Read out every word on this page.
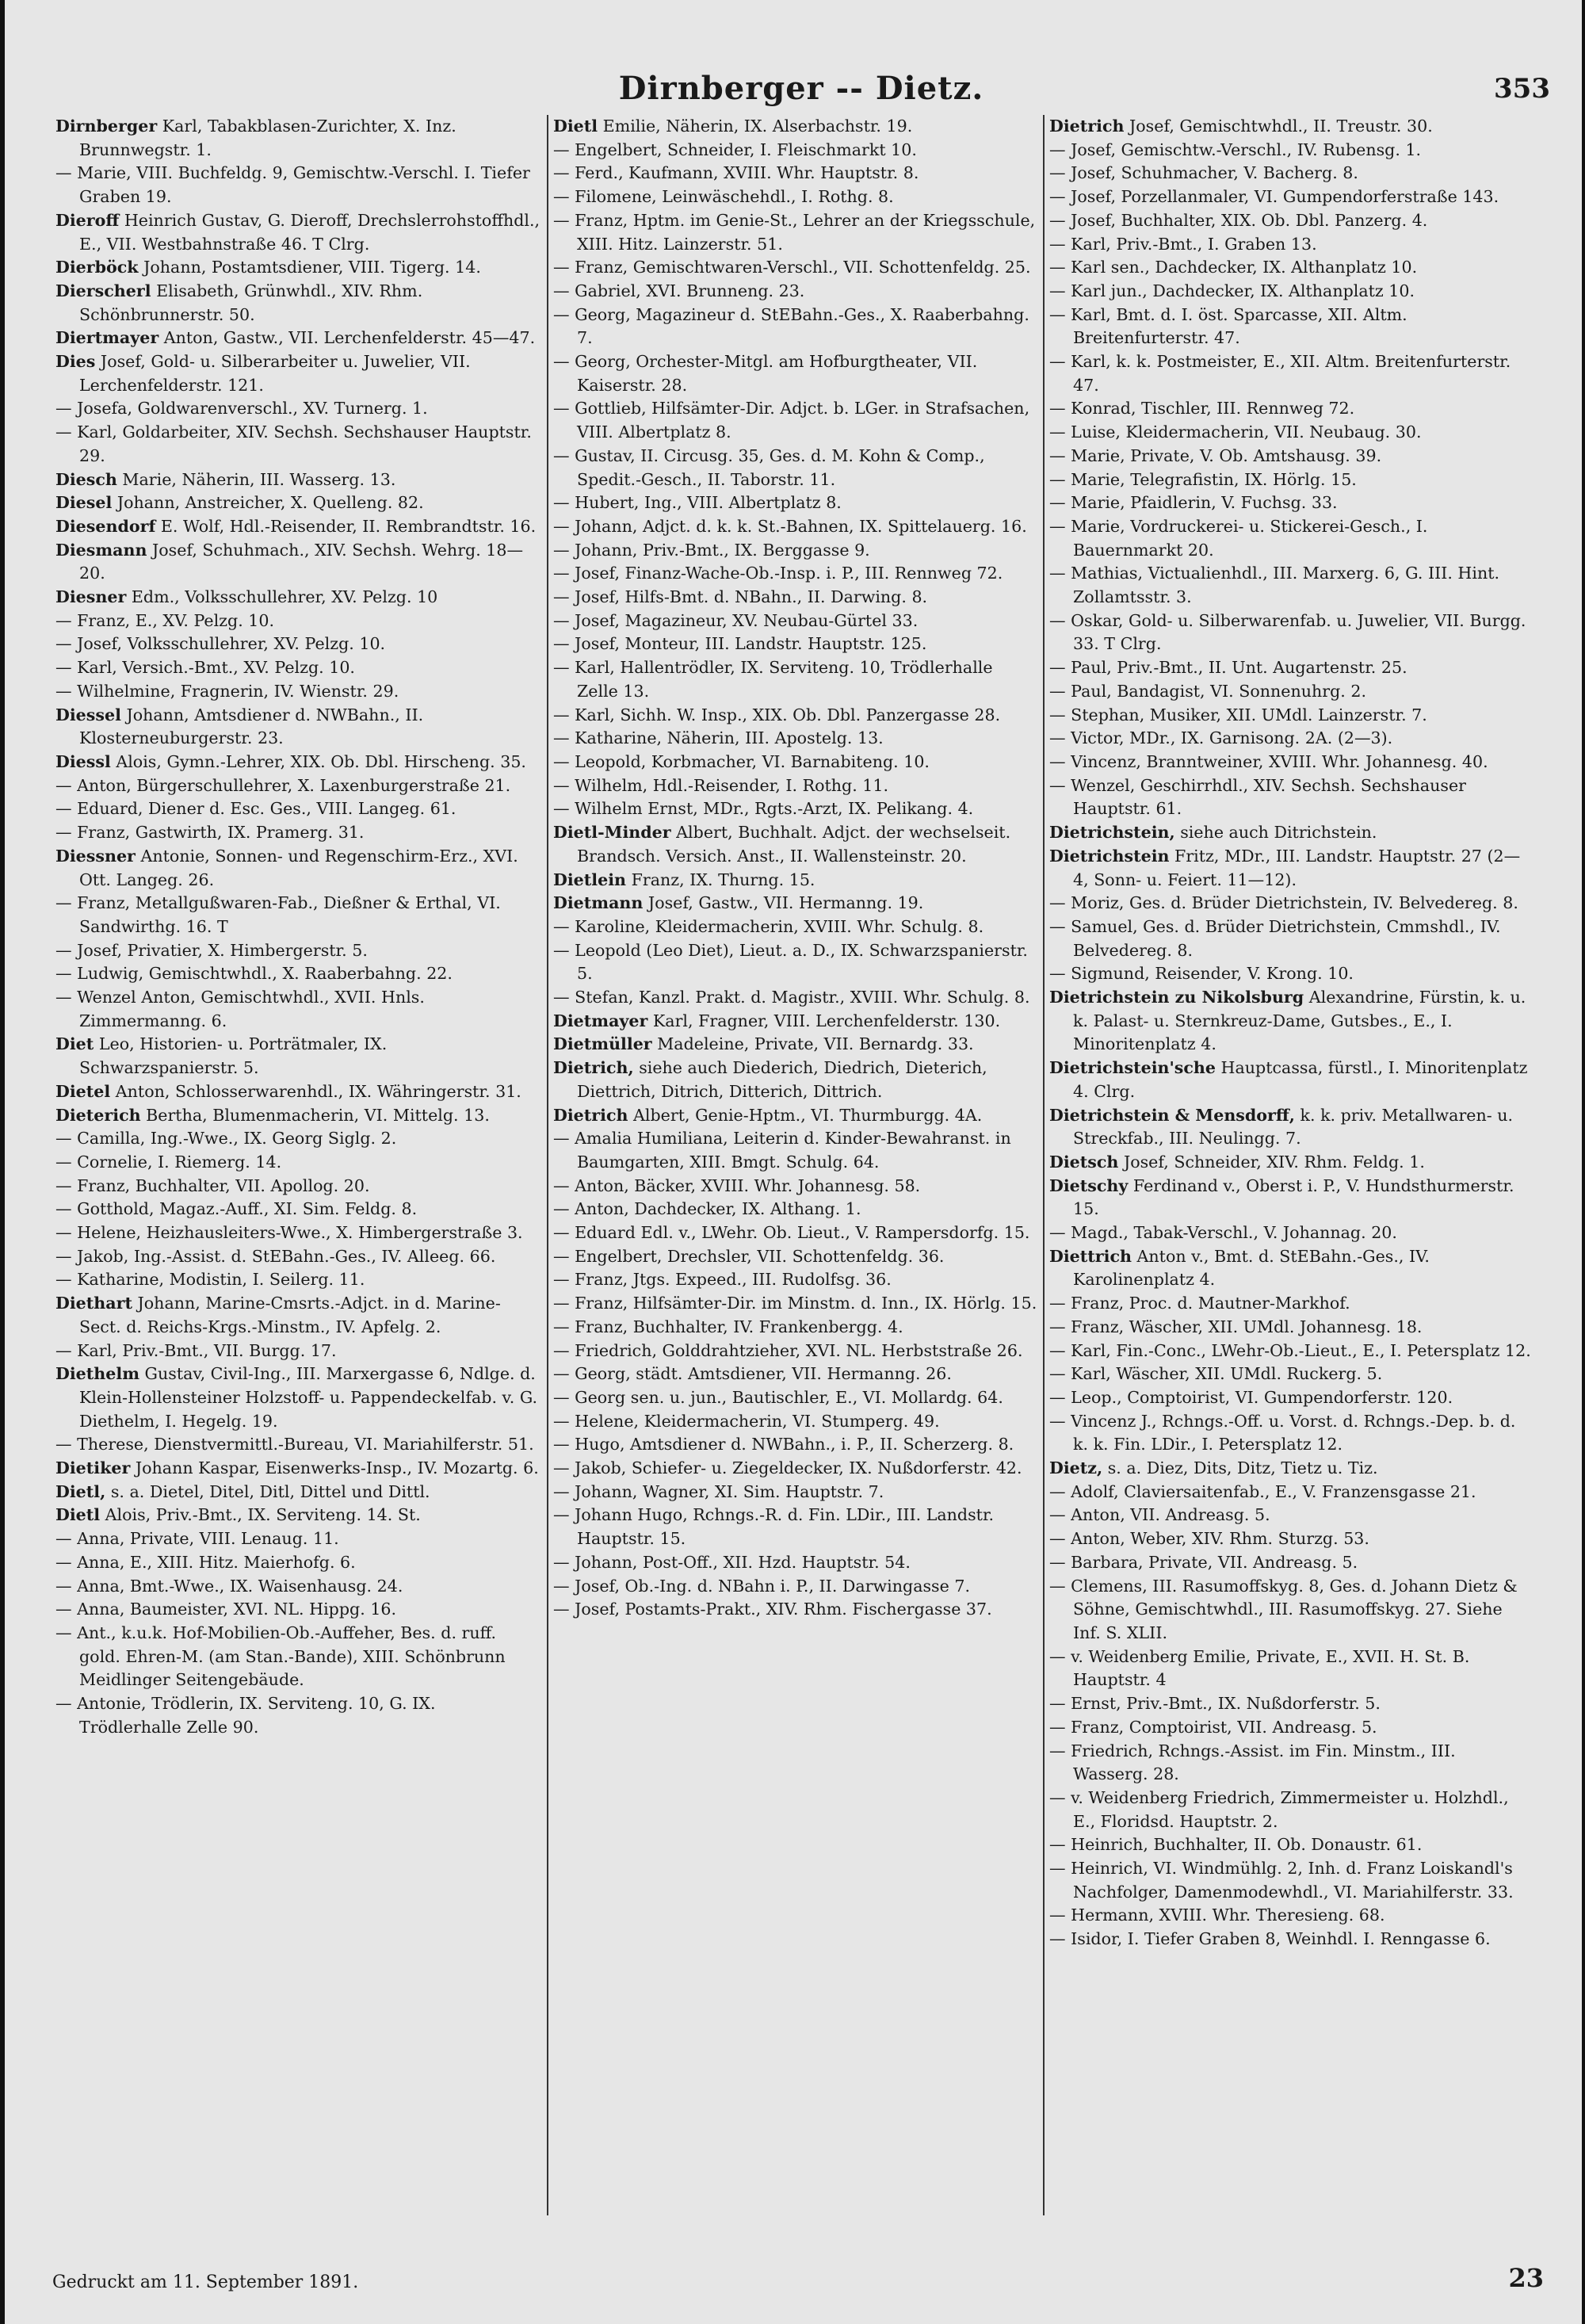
Dirnberger -- Dietz.	353

Dirnberger Karl, Tabakblasen-Zurichter, X. Inz. Brunnwegstr. 1.

— Marie, VIII. Buchfeldg. 9, Gemischtw.-Verschl. I. Tiefer Graben 19.

Dieroff Heinrich Gustav, G. Dieroff, Drechslerrohstoffhdl., E., VII. Westbahnstraße 46. T Clrg.

Dierböck Johann, Postamtsdiener, VIII. Tigerg. 14.

Dierscherl Elisabeth, Grünwhdl., XIV. Rhm. Schönbrunnerstr. 50.

Diertmayer Anton, Gastw., VII. Lerchenfelderstr. 45—47.

Dies Josef, Gold- u. Silberarbeiter u. Juwelier, VII. Lerchenfelderstr. 121.

— Josefa, Goldwarenverschl., XV. Turnerg. 1.

— Karl, Goldarbeiter, XIV. Sechsh. Sechshauser Hauptstr. 29.

Diesch Marie, Näherin, III. Wasserg. 13.

Diesel Johann, Anstreicher, X. Quelleng. 82.

Diesendorf E. Wolf, Hdl.-Reisender, II. Rembrandtstr. 16.

Diesmann Josef, Schuhmach., XIV. Sechsh. Wehrg. 18—20.

Diesner Edm., Volksschullehrer, XV. Pelzg. 10

— Franz, E., XV. Pelzg. 10.

— Josef, Volksschullehrer, XV. Pelzg. 10.

— Karl, Versich.-Bmt., XV. Pelzg. 10.

— Wilhelmine, Fragnerin, IV. Wienstr. 29.

Diessel Johann, Amtsdiener d. NWBahn., II. Klosterneuburgerstr. 23.

Diessl Alois, Gymn.-Lehrer, XIX. Ob. Dbl. Hirscheng. 35.

— Anton, Bürgerschullehrer, X. Laxenburgerstraße 21.

— Eduard, Diener d. Esc. Ges., VIII. Langeg. 61.

— Franz, Gastwirth, IX. Pramerg. 31.

Diessner Antonie, Sonnen- und Regenschirm-Erz., XVI. Ott. Langeg. 26.

— Franz, Metallgußwaren-Fab., Dießner & Erthal, VI. Sandwirthg. 16. T

— Josef, Privatier, X. Himbergerstr. 5.

— Ludwig, Gemischtwhdl., X. Raaberbahng. 22.

— Wenzel Anton, Gemischtwhdl., XVII. Hnls. Zimmermanng. 6.

Diet Leo, Historien- u. Porträtmaler, IX. Schwarzspanierstr. 5.

Dietel Anton, Schlosserwarenhdl., IX. Währingerstr. 31.

Dieterich Bertha, Blumenmacherin, VI. Mittelg. 13.

— Camilla, Ing.-Wwe., IX. Georg Siglg. 2.

— Cornelie, I. Riemerg. 14.

— Franz, Buchhalter, VII. Apollog. 20.

— Gotthold, Magaz.-Auff., XI. Sim. Feldg. 8.

— Helene, Heizhausleiters-Wwe., X. Himbergerstraße 3.

— Jakob, Ing.-Assist. d. StEBahn.-Ges., IV. Alleeg. 66.

— Katharine, Modistin, I. Seilerg. 11.

Diethart Johann, Marine-Cmsrts.-Adjct. in d. Marine-Sect. d. Reichs-Krgs.-Minstm., IV. Apfelg. 2.

— Karl, Priv.-Bmt., VII. Burgg. 17.

Diethelm Gustav, Civil-Ing., III. Marxergasse 6, Ndlge. d. Klein-Hollensteiner Holzstoff- u. Pappendeckelfab. v. G. Diethelm, I. Hegelg. 19.

— Therese, Dienstvermittl.-Bureau, VI. Mariahilferstr. 51.

Dietiker Johann Kaspar, Eisenwerks-Insp., IV. Mozartg. 6.

Dietl, s. a. Dietel, Ditel, Ditl, Dittel und Dittl.

Dietl Alois, Priv.-Bmt., IX. Serviteng. 14. St.

— Anna, Private, VIII. Lenaug. 11.

— Anna, E., XIII. Hitz. Maierhofg. 6.

— Anna, Bmt.-Wwe., IX. Waisenhausg. 24.

— Anna, Baumeister, XVI. NL. Hippg. 16.

— Ant., k.u.k. Hof-Mobilien-Ob.-Auffeher, Bes. d. ruff. gold. Ehren-M. (am Stan.-Bande), XIII. Schönbrunn Meidlinger Seitengebäude.

— Antonie, Trödlerin, IX. Serviteng. 10, G. IX. Trödlerhalle Zelle 90.

Dietl Emilie, Näherin, IX. Alserbachstr. 19.

— Engelbert, Schneider, I. Fleischmarkt 10.

— Ferd., Kaufmann, XVIII. Whr. Hauptstr. 8.

— Filomene, Leinwäschehdl., I. Rothg. 8.

— Franz, Hptm. im Genie-St., Lehrer an der Kriegsschule, XIII. Hitz. Lainzerstr. 51.

— Franz, Gemischtwaren-Verschl., VII. Schottenfeldg. 25.

— Gabriel, XVI. Brunneng. 23.

— Georg, Magazineur d. StEBahn.-Ges., X. Raaberbahng. 7.

— Georg, Orchester-Mitgl. am Hofburgtheater, VII. Kaiserstr. 28.

— Gottlieb, Hilfsämter-Dir. Adjct. b. LGer. in Strafsachen, VIII. Albertplatz 8.

— Gustav, II. Circusg. 35, Ges. d. M. Kohn & Comp., Spedit.-Gesch., II. Taborstr. 11.

— Hubert, Ing., VIII. Albertplatz 8.

— Johann, Adjct. d. k. k. St.-Bahnen, IX. Spittelauerg. 16.

— Johann, Priv.-Bmt., IX. Berggasse 9.

— Josef, Finanz-Wache-Ob.-Insp. i. P., III. Rennweg 72.

— Josef, Hilfs-Bmt. d. NBahn., II. Darwing. 8.

— Josef, Magazineur, XV. Neubau-Gürtel 33.

— Josef, Monteur, III. Landstr. Hauptstr. 125.

— Karl, Hallentrödler, IX. Serviteng. 10, Trödlerhalle Zelle 13.

— Karl, Sichh. W. Insp., XIX. Ob. Dbl. Panzergasse 28.

— Katharine, Näherin, III. Apostelg. 13.

— Leopold, Korbmacher, VI. Barnabiteng. 10.

— Wilhelm, Hdl.-Reisender, I. Rothg. 11.

— Wilhelm Ernst, MDr., Rgts.-Arzt, IX. Pelikang. 4.

Dietl-Minder Albert, Buchhalt. Adjct. der wechselseit. Brandsch. Versich. Anst., II. Wallensteinstr. 20.

Dietlein Franz, IX. Thurng. 15.

Dietmann Josef, Gastw., VII. Hermanng. 19.

— Karoline, Kleidermacherin, XVIII. Whr. Schulg. 8.

— Leopold (Leo Diet), Lieut. a. D., IX. Schwarzspanierstr. 5.

— Stefan, Kanzl. Prakt. d. Magistr., XVIII. Whr. Schulg. 8.

Dietmayer Karl, Fragner, VIII. Lerchenfelderstr. 130.

Dietmüller Madeleine, Private, VII. Bernardg. 33.

Dietrich, siehe auch Diederich, Diedrich, Dieterich, Diettrich, Ditrich, Ditterich, Dittrich.

Dietrich Albert, Genie-Hptm., VI. Thurmburgg. 4A.

— Amalia Humiliana, Leiterin d. Kinder-Bewahranst. in Baumgarten, XIII. Bmgt. Schulg. 64.

— Anton, Bäcker, XVIII. Whr. Johannesg. 58.

— Anton, Dachdecker, IX. Althang. 1.

— Eduard Edl. v., LWehr. Ob. Lieut., V. Rampersdorfg. 15.

— Engelbert, Drechsler, VII. Schottenfeldg. 36.

— Franz, Jtgs. Expeed., III. Rudolfsg. 36.

— Franz, Hilfsämter-Dir. im Minstm. d. Inn., IX. Hörlg. 15.

— Franz, Buchhalter, IV. Frankenbergg. 4.

— Friedrich, Golddrahtzieher, XVI. NL. Herbststraße 26.

— Georg, städt. Amtsdiener, VII. Hermanng. 26.

— Georg sen. u. jun., Bautischler, E., VI. Mollardg. 64.

— Helene, Kleidermacherin, VI. Stumperg. 49.

— Hugo, Amtsdiener d. NWBahn., i. P., II. Scherzerg. 8.

— Jakob, Schiefer- u. Ziegeldecker, IX. Nußdorferstr. 42.

— Johann, Wagner, XI. Sim. Hauptstr. 7.

— Johann Hugo, Rchngs.-R. d. Fin. LDir., III. Landstr. Hauptstr. 15.

— Johann, Post-Off., XII. Hzd. Hauptstr. 54.

— Josef, Ob.-Ing. d. NBahn i. P., II. Darwingasse 7.

— Josef, Postamts-Prakt., XIV. Rhm. Fischergasse 37.

Dietrich Josef, Gemischtwhdl., II. Treustr. 30.

— Josef, Gemischtw.-Verschl., IV. Rubensg. 1.

— Josef, Schuhmacher, V. Bacherg. 8.

— Josef, Porzellanmaler, VI. Gumpendorferstraße 143.

— Josef, Buchhalter, XIX. Ob. Dbl. Panzerg. 4.

— Karl, Priv.-Bmt., I. Graben 13.

— Karl sen., Dachdecker, IX. Althanplatz 10.

— Karl jun., Dachdecker, IX. Althanplatz 10.

— Karl, Bmt. d. I. öst. Sparcasse, XII. Altm. Breitenfurterstr. 47.

— Karl, k. k. Postmeister, E., XII. Altm. Breitenfurterstr. 47.

— Konrad, Tischler, III. Rennweg 72.

— Luise, Kleidermacherin, VII. Neubaug. 30.

— Marie, Private, V. Ob. Amtshausg. 39.

— Marie, Telegrafistin, IX. Hörlg. 15.

— Marie, Pfaidlerin, V. Fuchsg. 33.

— Marie, Vordruckerei- u. Stickerei-Gesch., I. Bauernmarkt 20.

— Mathias, Victualienhdl., III. Marxerg. 6, G. III. Hint. Zollamtsstr. 3.

— Oskar, Gold- u. Silberwarenfab. u. Juwelier, VII. Burgg. 33. T Clrg.

— Paul, Priv.-Bmt., II. Unt. Augartenstr. 25.

— Paul, Bandagist, VI. Sonnenuhrg. 2.

— Stephan, Musiker, XII. UMdl. Lainzerstr. 7.

— Victor, MDr., IX. Garnisong. 2A. (2—3).

— Vincenz, Branntweiner, XVIII. Whr. Johannesg. 40.

— Wenzel, Geschirrhdl., XIV. Sechsh. Sechshauser Hauptstr. 61.

Dietrichstein, siehe auch Ditrichstein.

Dietrichstein Fritz, MDr., III. Landstr. Hauptstr. 27 (2—4, Sonn- u. Feiert. 11—12).

— Moriz, Ges. d. Brüder Dietrichstein, IV. Belvedereg. 8.

— Samuel, Ges. d. Brüder Dietrichstein, Cmmshdl., IV. Belvedereg. 8.

— Sigmund, Reisender, V. Krong. 10.

Dietrichstein zu Nikolsburg Alexandrine, Fürstin, k. u. k. Palast- u. Sternkreuz-Dame, Gutsbes., E., I. Minoritenplatz 4.

Dietrichstein'sche Hauptcassa, fürstl., I. Minoritenplatz 4. Clrg.

Dietrichstein & Mensdorff, k. k. priv. Metallwaren- u. Streckfab., III. Neulingg. 7.

Dietsch Josef, Schneider, XIV. Rhm. Feldg. 1.

Dietschy Ferdinand v., Oberst i. P., V. Hundsthurmerstr. 15.

— Magd., Tabak-Verschl., V. Johannag. 20.

Diettrich Anton v., Bmt. d. StEBahn.-Ges., IV. Karolinenplatz 4.

— Franz, Proc. d. Mautner-Markhof.

— Franz, Wäscher, XII. UMdl. Johannesg. 18.

— Karl, Fin.-Conc., LWehr-Ob.-Lieut., E., I. Petersplatz 12.

— Karl, Wäscher, XII. UMdl. Ruckerg. 5.

— Leop., Comptoirist, VI. Gumpendorferstr. 120.

— Vincenz J., Rchngs.-Off. u. Vorst. d. Rchngs.-Dep. b. d. k. k. Fin. LDir., I. Petersplatz 12.

Dietz, s. a. Diez, Dits, Ditz, Tietz u. Tiz.

— Adolf, Claviersaitenfab., E., V. Franzensgasse 21.

— Anton, VII. Andreasg. 5.

— Anton, Weber, XIV. Rhm. Sturzg. 53.

— Barbara, Private, VII. Andreasg. 5.

— Clemens, III. Rasumoffskyg. 8, Ges. d. Johann Dietz & Söhne, Gemischtwhdl., III. Rasumoffskyg. 27. Siehe Inf. S. XLII.

— v. Weidenberg Emilie, Private, E., XVII. H. St. B. Hauptstr. 4

— Ernst, Priv.-Bmt., IX. Nußdorferstr. 5.

— Franz, Comptoirist, VII. Andreasg. 5.

— Friedrich, Rchngs.-Assist. im Fin. Minstm., III. Wasserg. 28.

— v. Weidenberg Friedrich, Zimmermeister u. Holzhdl., E., Floridsd. Hauptstr. 2.

— Heinrich, Buchhalter, II. Ob. Donaustr. 61.

— Heinrich, VI. Windmühlg. 2, Inh. d. Franz Loiskandl's Nachfolger, Damenmodewhdl., VI. Mariahilferstr. 33.

— Hermann, XVIII. Whr. Theresieng. 68.

— Isidor, I. Tiefer Graben 8, Weinhdl. I. Renngasse 6.

Gedruckt am 11. September 1891.	23
